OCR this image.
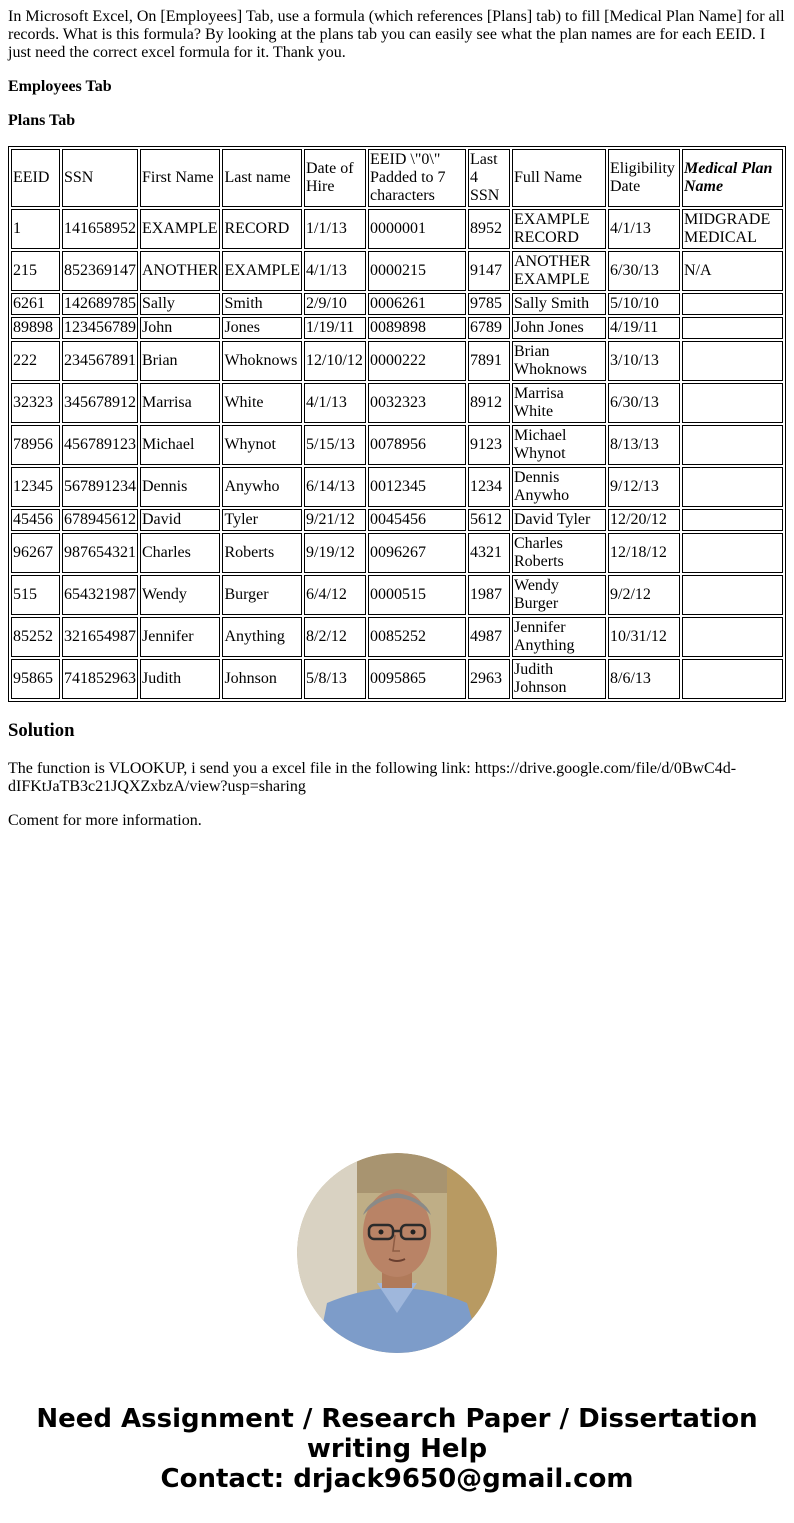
In Microsoft Excel, On [Employees] Tab, use a formula (which references [Plans] tab) to fill [Medical Plan Name] for all records. What is this formula? By looking at the plans tab you can easily see what the plan names are for each EEID. I just need the correct excel formula for it. Thank you.

Employees Tab

Plans Tab

EEID	SSN	First Name	Last name	Date of Hire	EEID \"0\" Padded to 7 characters	Last 4 SSN	Full Name	Eligibility Date	Medical Plan Name
1	141658952	EXAMPLE	RECORD	1/1/13	0000001	8952	EXAMPLE RECORD	4/1/13	MIDGRADE MEDICAL
215	852369147	ANOTHER	EXAMPLE	4/1/13	0000215	9147	ANOTHER EXAMPLE	6/30/13	N/A
6261	142689785	Sally	Smith	2/9/10	0006261	9785	Sally Smith	5/10/10	
89898	123456789	John	Jones	1/19/11	0089898	6789	John Jones	4/19/11	
222	234567891	Brian	Whoknows	12/10/12	0000222	7891	Brian Whoknows	3/10/13	
32323	345678912	Marrisa	White	4/1/13	0032323	8912	Marrisa White	6/30/13	
78956	456789123	Michael	Whynot	5/15/13	0078956	9123	Michael Whynot	8/13/13	
12345	567891234	Dennis	Anywho	6/14/13	0012345	1234	Dennis Anywho	9/12/13	
45456	678945612	David	Tyler	9/21/12	0045456	5612	David Tyler	12/20/12	
96267	987654321	Charles	Roberts	9/19/12	0096267	4321	Charles Roberts	12/18/12	
515	654321987	Wendy	Burger	6/4/12	0000515	1987	Wendy Burger	9/2/12	
85252	321654987	Jennifer	Anything	8/2/12	0085252	4987	Jennifer Anything	10/31/12	
95865	741852963	Judith	Johnson	5/8/13	0095865	2963	Judith Johnson	8/6/13	
Solution

The function is VLOOKUP, i send you a excel file in the following link: https://drive.google.com/file/d/0BwC4d-dIFKtJaTB3c21JQXZxbzA/view?usp=sharing

Coment for more information.

Need Assignment / Research Paper / Dissertation writing Help
Contact: drjack9650@gmail.com
